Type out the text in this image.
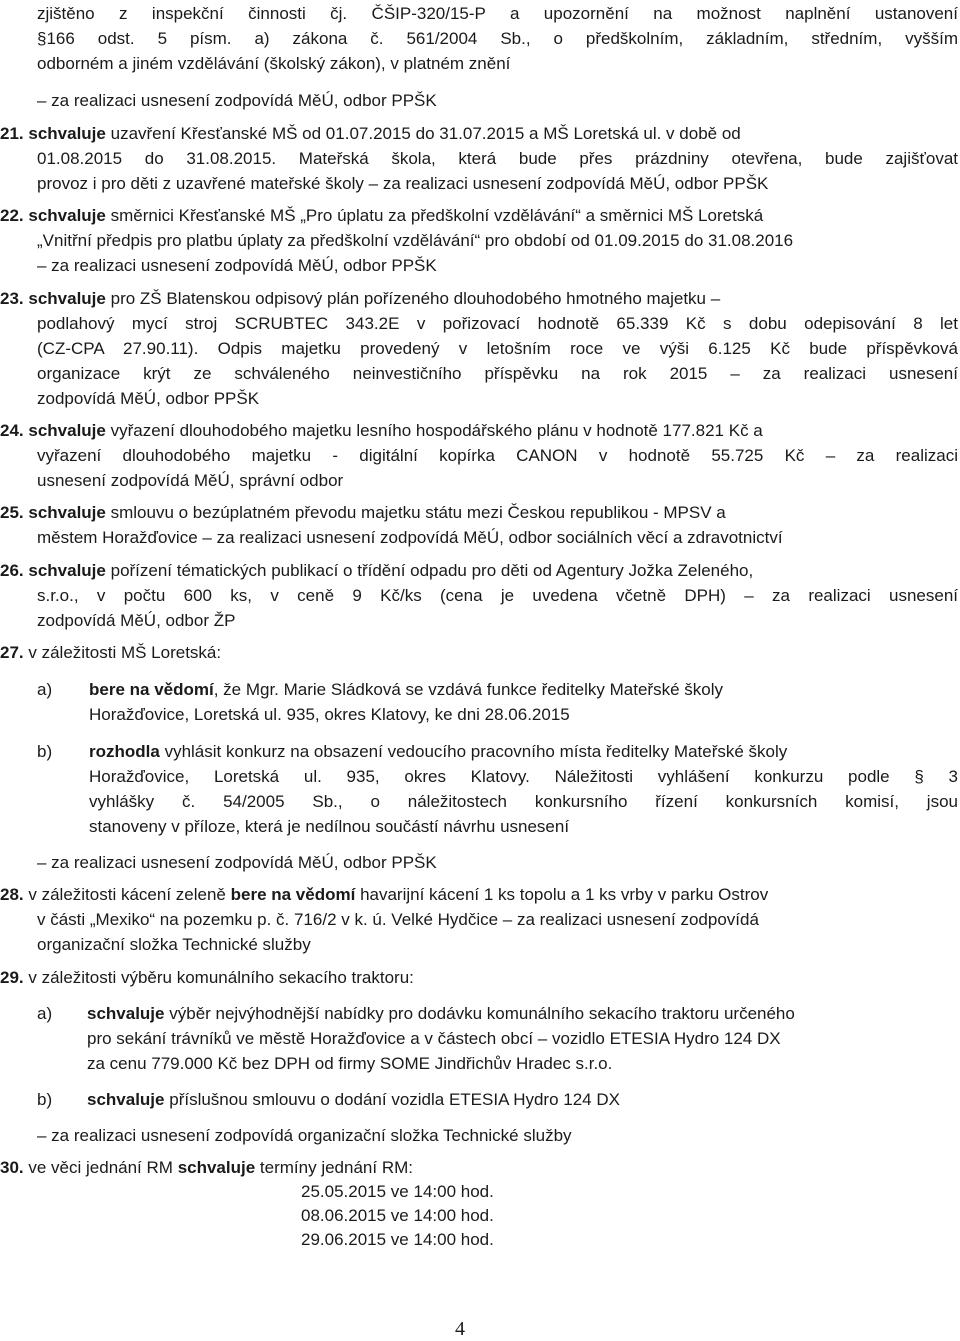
zjištěno z inspekční činnosti čj. ČŠIP-320/15-P a upozornění na možnost naplnění ustanovení
§166 odst. 5 písm. a) zákona č. 561/2004 Sb., o předškolním, základním, středním, vyšším
odborném a jiném vzdělávání (školský zákon), v platném znění
– za realizaci usnesení zodpovídá MěÚ, odbor PPŠK
21. schvaluje uzavření Křesťanské MŠ od 01.07.2015 do 31.07.2015 a MŠ Loretská ul. v době od
01.08.2015 do 31.08.2015. Mateřská škola, která bude přes prázdniny otevřena, bude zajišťovat
provoz i pro děti z uzavřené mateřské školy – za realizaci usnesení zodpovídá MěÚ, odbor PPŠK
22. schvaluje směrnici Křesťanské MŠ „Pro úplatu za předškolní vzdělávání“ a směrnici MŠ Loretská
„Vnitřní předpis pro platbu úplaty za předškolní vzdělávání“ pro období od 01.09.2015 do 31.08.2016
– za realizaci usnesení zodpovídá MěÚ, odbor PPŠK
23. schvaluje pro ZŠ Blatenskou odpisový plán pořízeného dlouhodobého hmotného majetku –
podlahový mycí stroj SCRUBTEC 343.2E v pořizovací hodnotě 65.339 Kč s dobu odepisování 8 let
(CZ-CPA 27.90.11). Odpis majetku provedený v letošním roce ve výši 6.125 Kč bude příspěvková
organizace krýt ze schváleného neinvestičního příspěvku na rok 2015 – za realizaci usnesení
zodpovídá MěÚ, odbor PPŠK
24. schvaluje vyřazení dlouhodobého majetku lesního hospodářského plánu v hodnotě 177.821 Kč a
vyřazení dlouhodobého majetku - digitální kopírka CANON v hodnotě 55.725 Kč – za realizaci
usnesení zodpovídá MěÚ, správní odbor
25. schvaluje smlouvu o bezúplatném převodu majetku státu mezi Českou republikou - MPSV a
městem Horažďovice – za realizaci usnesení zodpovídá MěÚ, odbor sociálních věcí a zdravotnictví
26. schvaluje pořízení tématických publikací o třídění odpadu pro děti od Agentury Jožka Zeleného,
s.r.o., v počtu 600 ks, v ceně 9 Kč/ks (cena je uvedena včetně DPH) – za realizaci usnesení
zodpovídá MěÚ, odbor ŽP
27. v záležitosti MŠ Loretská:
a) bere na vědomí, že Mgr. Marie Sládková se vzdává funkce ředitelky Mateřské školy
Horažďovice, Loretská ul. 935, okres Klatovy, ke dni 28.06.2015
b) rozhodla vyhlásit konkurz na obsazení vedoucího pracovního místa ředitelky Mateřské školy
Horažďovice, Loretská ul. 935, okres Klatovy. Náležitosti vyhlášení konkurzu podle § 3
vyhlášky č. 54/2005 Sb., o náležitostech konkursního řízení konkursních komisí, jsou
stanoveny v příloze, která je nedílnou součástí návrhu usnesení
– za realizaci usnesení zodpovídá MěÚ, odbor PPŠK
28. v záležitosti kácení zeleně bere na vědomí havarijní kácení 1 ks topolu a 1 ks vrby v parku Ostrov
v části „Mexiko“ na pozemku p. č. 716/2 v k. ú. Velké Hydčice – za realizaci usnesení zodpovídá
organizační složka Technické služby
29. v záležitosti výběru komunálního sekacího traktoru:
a) schvaluje výběr nejvýhodnější nabídky pro dodávku komunálního sekacího traktoru určeného
pro sekání trávníků ve městě Horažďovice a v částech obcí – vozidlo ETESIA Hydro 124 DX
za cenu 779.000 Kč bez DPH od firmy SOME Jindřichův Hradec s.r.o.
b) schvaluje příslušnou smlouvu o dodání vozidla ETESIA Hydro 124 DX
– za realizaci usnesení zodpovídá organizační složka Technické služby
30. ve věci jednání RM schvaluje termíny jednání RM:
25.05.2015 ve 14:00 hod.
08.06.2015 ve 14:00 hod.
29.06.2015 ve 14:00 hod.
4
